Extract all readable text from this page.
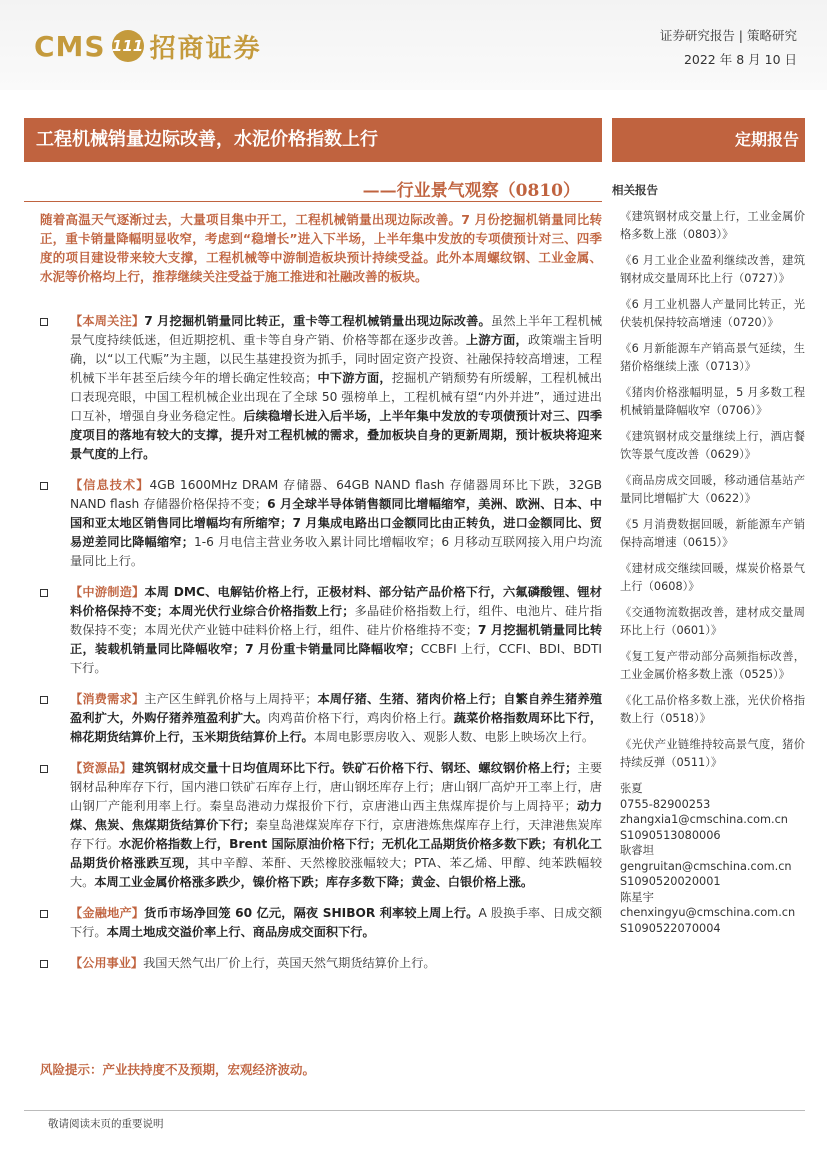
CMS 111 招商证券	证券研究报告 | 策略研究
2022 年 8 月 10 日
工程机械销量边际改善，水泥价格指数上行	定期报告
——行业景气观察（0810）
随着高温天气逐渐过去，大量项目集中开工，工程机械销量出现边际改善。7 月份挖掘机销量同比转正，重卡销量降幅明显收窄，考虑到“稳增长”进入下半场，上半年集中发放的专项债预计对三、四季度的项目建设带来较大支撑，工程机械等中游制造板块预计持续受益。此外本周螺纹钢、工业金属、水泥等价格均上行，推荐继续关注受益于施工推进和社融改善的板块。
【本周关注】7 月挖掘机销量同比转正，重卡等工程机械销量出现边际改善。虽然上半年工程机械景气度持续低迷，但近期挖机、重卡等自身产销、价格等都在逐步改善。上游方面，政策端主旨明确，以“以工代赈”为主题，以民生基建投资为抓手，同时固定资产投资、社融保持较高增速，工程机械下半年甚至后续今年的增长确定性较高；中下游方面，挖掘机产销颓势有所缓解，工程机械出口表现亮眼，中国工程机械企业出现在了全球 50 强榜单上，工程机械有望“内外并进”，通过进出口互补，增强自身业务稳定性。后续稳增长进入后半场，上半年集中发放的专项债预计对三、四季度项目的落地有较大的支撑，提升对工程机械的需求，叠加板块自身的更新周期，预计板块将迎来景气度的上行。
【信息技术】4GB 1600MHz DRAM 存储器、64GB NAND flash 存储器周环比下跌，32GB NAND flash 存储器价格保持不变；6 月全球半导体销售额同比增幅缩窄，美洲、欧洲、日本、中国和亚太地区销售同比增幅均有所缩窄；7 月集成电路出口金额同比由正转负，进口金额同比、贸易逆差同比降幅缩窄；1-6 月电信主营业务收入累计同比增幅收窄；6 月移动互联网接入用户均流量同比上行。
【中游制造】本周 DMC、电解钴价格上行，正极材料、部分钴产品价格下行，六氟磷酸锂、锂材料价格保持不变；本周光伏行业综合价格指数上行；多晶硅价格指数上行，组件、电池片、硅片指数保持不变；本周光伏产业链中硅料价格上行，组件、硅片价格维持不变；7 月挖掘机销量同比转正，装载机销量同比降幅收窄；7 月份重卡销量同比降幅收窄；CCBFI 上行，CCFI、BDI、BDTI 下行。
【消费需求】主产区生鲜乳价格与上周持平；本周仔猪、生猪、猪肉价格上行；自繁自养生猪养殖盈利扩大，外购仔猪养殖盈利扩大。肉鸡苗价格下行，鸡肉价格上行。蔬菜价格指数周环比下行，棉花期货结算价上行，玉米期货结算价上行。本周电影票房收入、观影人数、电影上映场次上行。
【资源品】建筑钢材成交量十日均值周环比下行。铁矿石价格下行、钢坯、螺纹钢价格上行；主要钢材品种库存下行，国内港口铁矿石库存上行，唐山钢坯库存上行；唐山钢厂高炉开工率上行，唐山钢厂产能利用率上行。秦皇岛港动力煤报价下行，京唐港山西主焦煤库提价与上周持平；动力煤、焦炭、焦煤期货结算价下行；秦皇岛港煤炭库存下行，京唐港炼焦煤库存上行，天津港焦炭库存下行。水泥价格指数上行，Brent 国际原油价格下行；无机化工品期货价格多数下跌；有机化工品期货价格涨跌互现，其中辛醇、苯酐、天然橡胶涨幅较大；PTA、苯乙烯、甲醇、纯苯跌幅较大。本周工业金属价格涨多跌少，镍价格下跌；库存多数下降；黄金、白银价格上涨。
【金融地产】货币市场净回笼 60 亿元，隔夜 SHIBOR 利率较上周上行。A 股换手率、日成交额下行。本周土地成交溢价率上行、商品房成交面积下行。
【公用事业】我国天然气出厂价上行，英国天然气期货结算价上行。
风险提示：产业扶持度不及预期，宏观经济波动。
相关报告
《建筑钢材成交量上行，工业金属价格多数上涨（0803）》
《6 月工业企业盈利继续改善，建筑钢材成交量周环比上行（0727）》
《6 月工业机器人产量同比转正，光伏装机保持较高增速（0720）》
《6 月新能源车产销高景气延续，生猪价格继续上涨（0713）》
《猪肉价格涨幅明显，5 月多数工程机械销量降幅收窄（0706）》
《建筑钢材成交量继续上行，酒店餐饮等景气度改善（0629）》
《商品房成交回暖，移动通信基站产量同比增幅扩大（0622）》
《5 月消费数据回暖，新能源车产销保持高增速（0615）》
《建材成交继续回暖，煤炭价格景气上行（0608）》
《交通物流数据改善，建材成交量周环比上行（0601）》
《复工复产带动部分高频指标改善，工业金属价格多数上涨（0525）》
《化工品价格多数上涨，光伏价格指数上行（0518）》
《光伏产业链维持较高景气度，猪价持续反弹（0511）》
张夏
0755-82900253
zhangxia1@cmschina.com.cn
S1090513080006
耿睿坦
gengruitan@cmschina.com.cn
S1090520020001
陈星宇
chenxingyu@cmschina.com.cn
S1090522070004
敬请阅读末页的重要说明
